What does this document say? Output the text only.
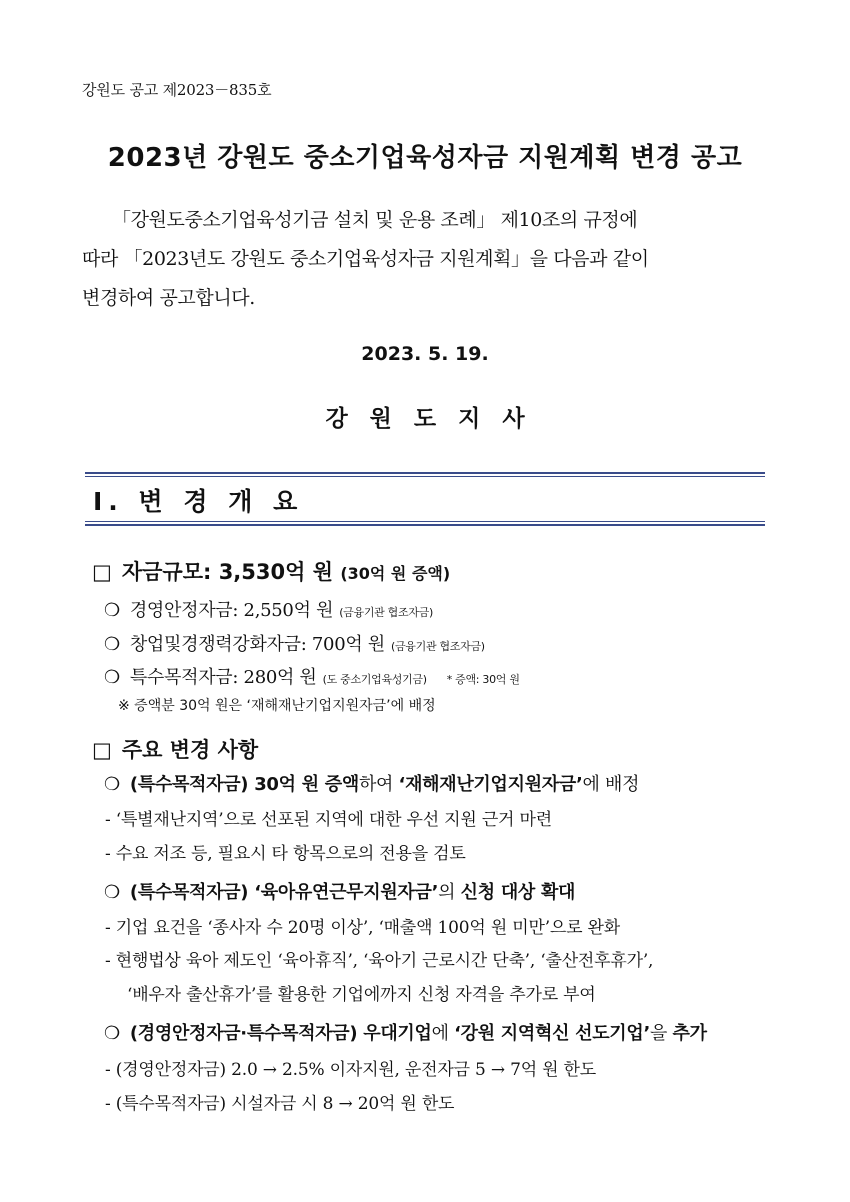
강원도 공고 제2023－835호
2023년 강원도 중소기업육성자금 지원계획 변경 공고
「강원도중소기업육성기금 설치 및 운용 조례」 제10조의 규정에
따라 「2023년도 강원도 중소기업육성자금 지원계획」을 다음과 같이
변경하여 공고합니다.
2023. 5. 19.
강원도지사
Ⅰ. 변 경 개 요
□ 자금규모: 3,530억 원 (30억 원 증액)
❍ 경영안정자금: 2,550억 원 (금융기관 협조자금)
❍ 창업및경쟁력강화자금: 700억 원 (금융기관 협조자금)
❍ 특수목적자금: 280억 원 (도 중소기업육성기금) * 증액: 30억 원
※ 증액분 30억 원은 ‘재해재난기업지원자금’에 배정
□ 주요 변경 사항
❍ (특수목적자금) 30억 원 증액하여 ‘재해재난기업지원자금’에 배정
- ‘특별재난지역’으로 선포된 지역에 대한 우선 지원 근거 마련
- 수요 저조 등, 필요시 타 항목으로의 전용을 검토
❍ (특수목적자금) ‘육아유연근무지원자금’의 신청 대상 확대
- 기업 요건을 ‘종사자 수 20명 이상’, ‘매출액 100억 원 미만’으로 완화
- 현행법상 육아 제도인 ‘육아휴직’, ‘육아기 근로시간 단축’, ‘출산전후휴가’,
‘배우자 출산휴가’를 활용한 기업에까지 신청 자격을 추가로 부여
❍ (경영안정자금·특수목적자금) 우대기업에 ‘강원 지역혁신 선도기업’을 추가
- (경영안정자금) 2.0 → 2.5% 이자지원, 운전자금 5 → 7억 원 한도
- (특수목적자금) 시설자금 시 8 → 20억 원 한도
